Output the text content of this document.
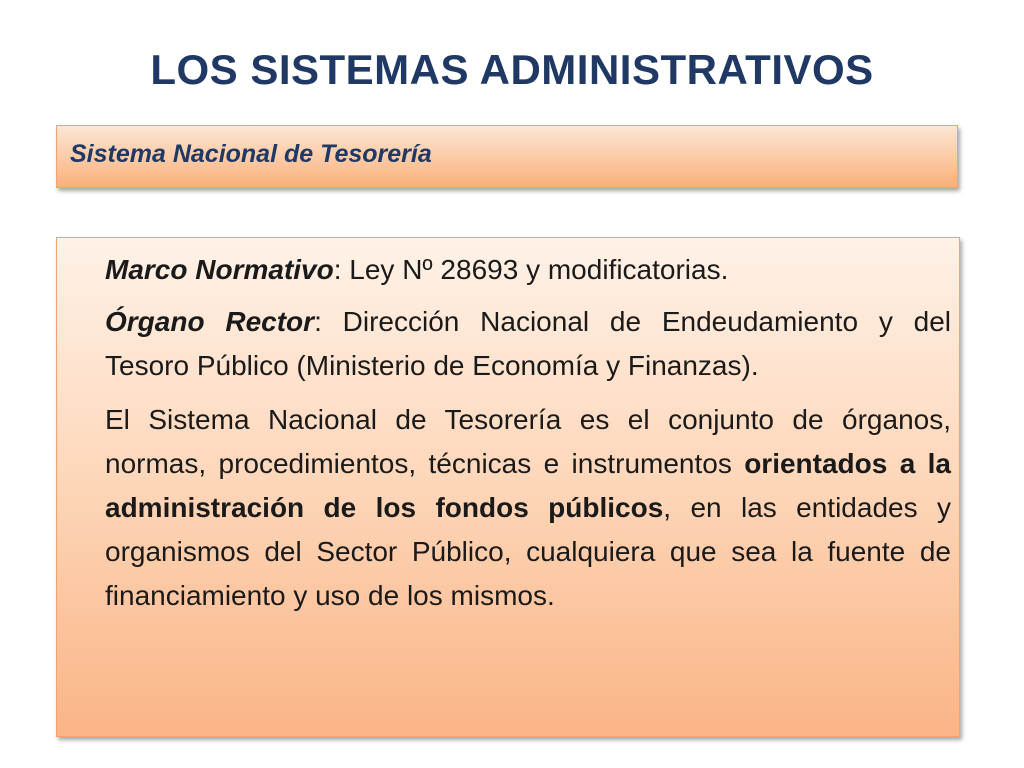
LOS SISTEMAS ADMINISTRATIVOS
Sistema Nacional de Tesorería

Marco Normativo: Ley Nº 28693 y modificatorias.

Órgano Rector: Dirección Nacional de Endeudamiento y del Tesoro Público (Ministerio de Economía y Finanzas).

El Sistema Nacional de Tesorería es el conjunto de órganos, normas, procedimientos, técnicas e instrumentos orientados a la administración de los fondos públicos, en las entidades y organismos del Sector Público, cualquiera que sea la fuente de financiamiento y uso de los mismos.
